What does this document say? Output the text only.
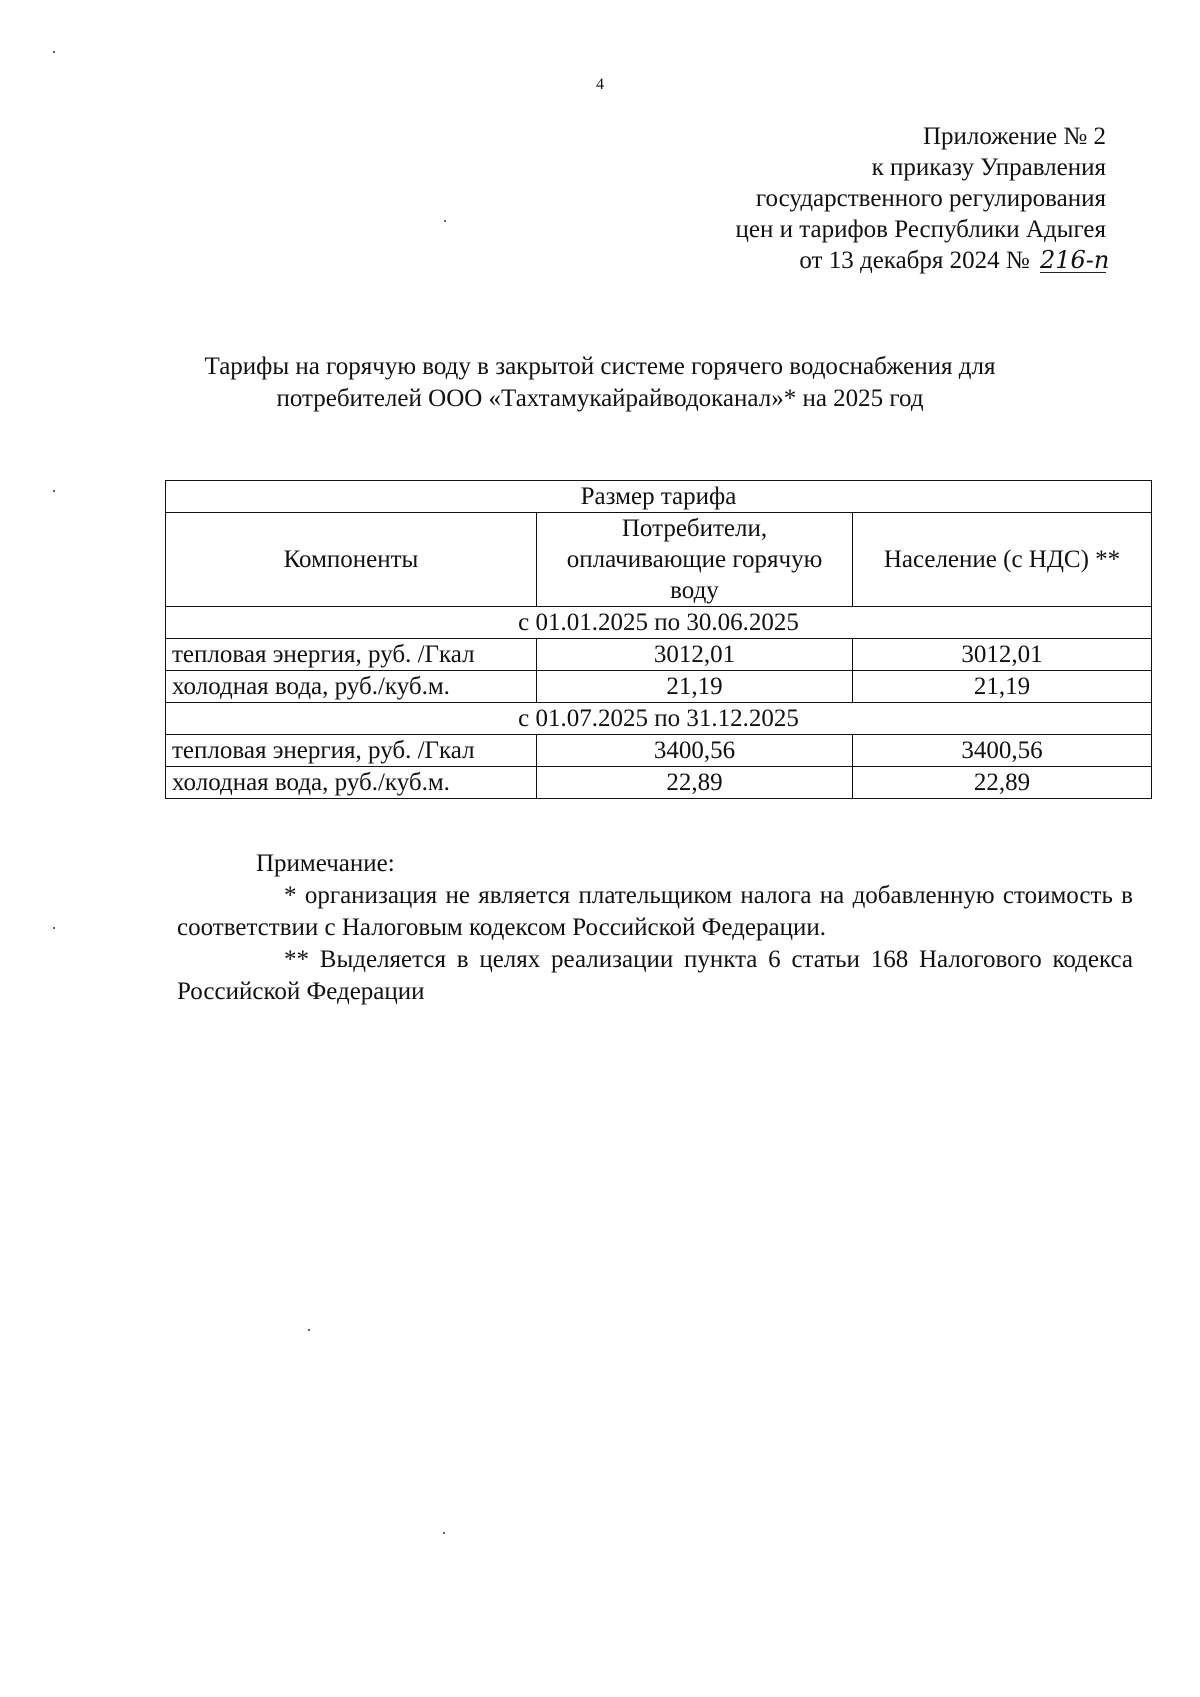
4
Приложение № 2
к приказу Управления
государственного регулирования
цен и тарифов Республики Адыгея
от 13 декабря 2024 № 216-п
Тарифы на горячую воду в закрытой системе горячего водоснабжения для
потребителей ООО «Тахтамукайрайводоканал»* на 2025 год
Размер тарифа		
Компоненты	Потребители, оплачивающие горячую воду	Население (с НДС) **
с 01.01.2025 по 30.06.2025		
тепловая энергия, руб. /Гкал	3012,01	3012,01
холодная вода, руб./куб.м.	21,19	21,19
с 01.07.2025 по 31.12.2025		
тепловая энергия, руб. /Гкал	3400,56	3400,56
холодная вода, руб./куб.м.	22,89	22,89
Примечание:

* организация не является плательщиком налога на добавленную стоимость в соответствии с Налоговым кодексом Российской Федерации.

** Выделяется в целях реализации пункта 6 статьи 168 Налогового кодекса Российской Федерации
